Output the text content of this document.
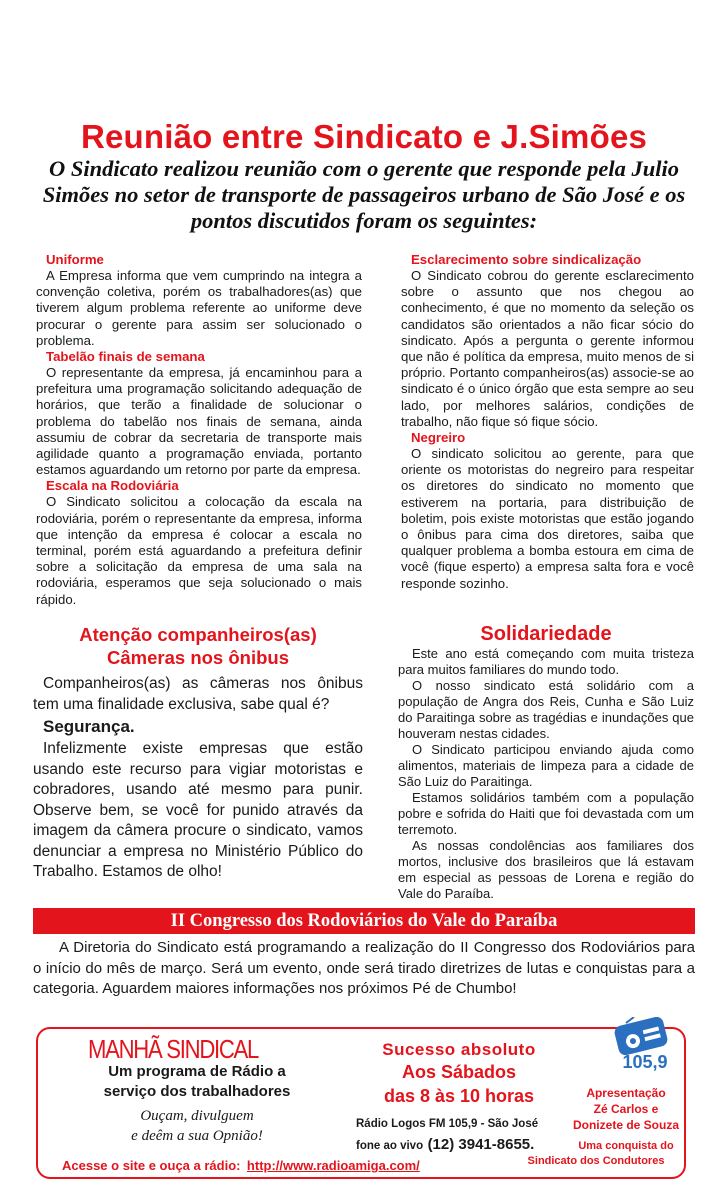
Reunião entre Sindicato e J.Simões
O Sindicato realizou reunião com o gerente que responde pela Julio Simões no setor de transporte de passageiros urbano de São José e os pontos discutidos foram os seguintes:
Uniforme

A Empresa informa que vem cumprindo na integra a convenção coletiva, porém os trabalhadores(as) que tiverem algum problema referente ao uniforme deve procurar o gerente para assim ser solucionado o problema.

Tabelão finais de semana

O representante da empresa, já encaminhou para a prefeitura uma programação solicitando adequação de horários, que terão a finalidade de solucionar o problema do tabelão nos finais de semana, ainda assumiu de cobrar da secretaria de transporte mais agilidade quanto a programação enviada, portanto estamos aguardando um retorno por parte da empresa.

Escala na Rodoviária

O Sindicato solicitou a colocação da escala na rodoviária, porém o representante da empresa, informa que intenção da empresa é colocar a escala no terminal, porém está aguardando a prefeitura definir sobre a solicitação da empresa de uma sala na rodoviária, esperamos que seja solucionado o mais rápido.

Esclarecimento sobre sindicalização

O Sindicato cobrou do gerente esclarecimento sobre o assunto que nos chegou ao conhecimento, é que no momento da seleção os candidatos são orientados a não ficar sócio do sindicato. Após a pergunta o gerente informou que não é política da empresa, muito menos de si próprio. Portanto companheiros(as) associe-se ao sindicato é o único órgão que esta sempre ao seu lado, por melhores salários, condições de trabalho, não fique só fique sócio.

Negreiro

O sindicato solicitou ao gerente, para que oriente os motoristas do negreiro para respeitar os diretores do sindicato no momento que estiverem na portaria, para distribuição de boletim, pois existe motoristas que estão jogando o ônibus para cima dos diretores, saiba que qualquer problema a bomba estoura em cima de você (fique esperto) a empresa salta fora e você responde sozinho.

Atenção companheiros(as)
Câmeras nos ônibus

Companheiros(as) as câmeras nos ônibus tem uma finalidade exclusiva, sabe qual é?

Segurança.

Infelizmente existe empresas que estão usando este recurso para vigiar motoristas e cobradores, usando até mesmo para punir. Observe bem, se você for punido através da imagem da câmera procure o sindicato, vamos denunciar a empresa no Ministério Público do Trabalho. Estamos de olho!

Solidariedade

Este ano está começando com muita tristeza para muitos familiares do mundo todo.

O nosso sindicato está solidário com a população de Angra dos Reis, Cunha e São Luiz do Paraitinga sobre as tragédias e inundações que houveram nestas cidades.

O Sindicato participou enviando ajuda como alimentos, materiais de limpeza para a cidade de São Luiz do Paraitinga.

Estamos solidários também com a população pobre e sofrida do Haiti que foi devastada com um terremoto.

As nossas condolências aos familiares dos mortos, inclusive dos brasileiros que lá estavam em especial as pessoas de Lorena e região do Vale do Paraíba.

II Congresso dos Rodoviários do Vale do Paraíba
A Diretoria do Sindicato está programando a realização do II Congresso dos Rodoviários para o início do mês de março. Será um evento, onde será tirado diretrizes de lutas e conquistas para a categoria. Aguardem maiores informações nos próximos Pé de Chumbo!
MANHÃ SINDICAL
Um programa de Rádio a
serviço dos trabalhadores
Ouçam, divulguem
e deêm a sua Opnião!
Sucesso absoluto
Aos Sábados
das 8 às 10 horas
Rádio Logos FM 105,9 - São José
fone ao vivo (12) 3941-8655.
105,9
Apresentação
Zé Carlos e
Donizete de Souza
Uma conquista do
Sindicato dos Condutores
Acesse o site e ouça a rádio: http://www.radioamiga.com/
